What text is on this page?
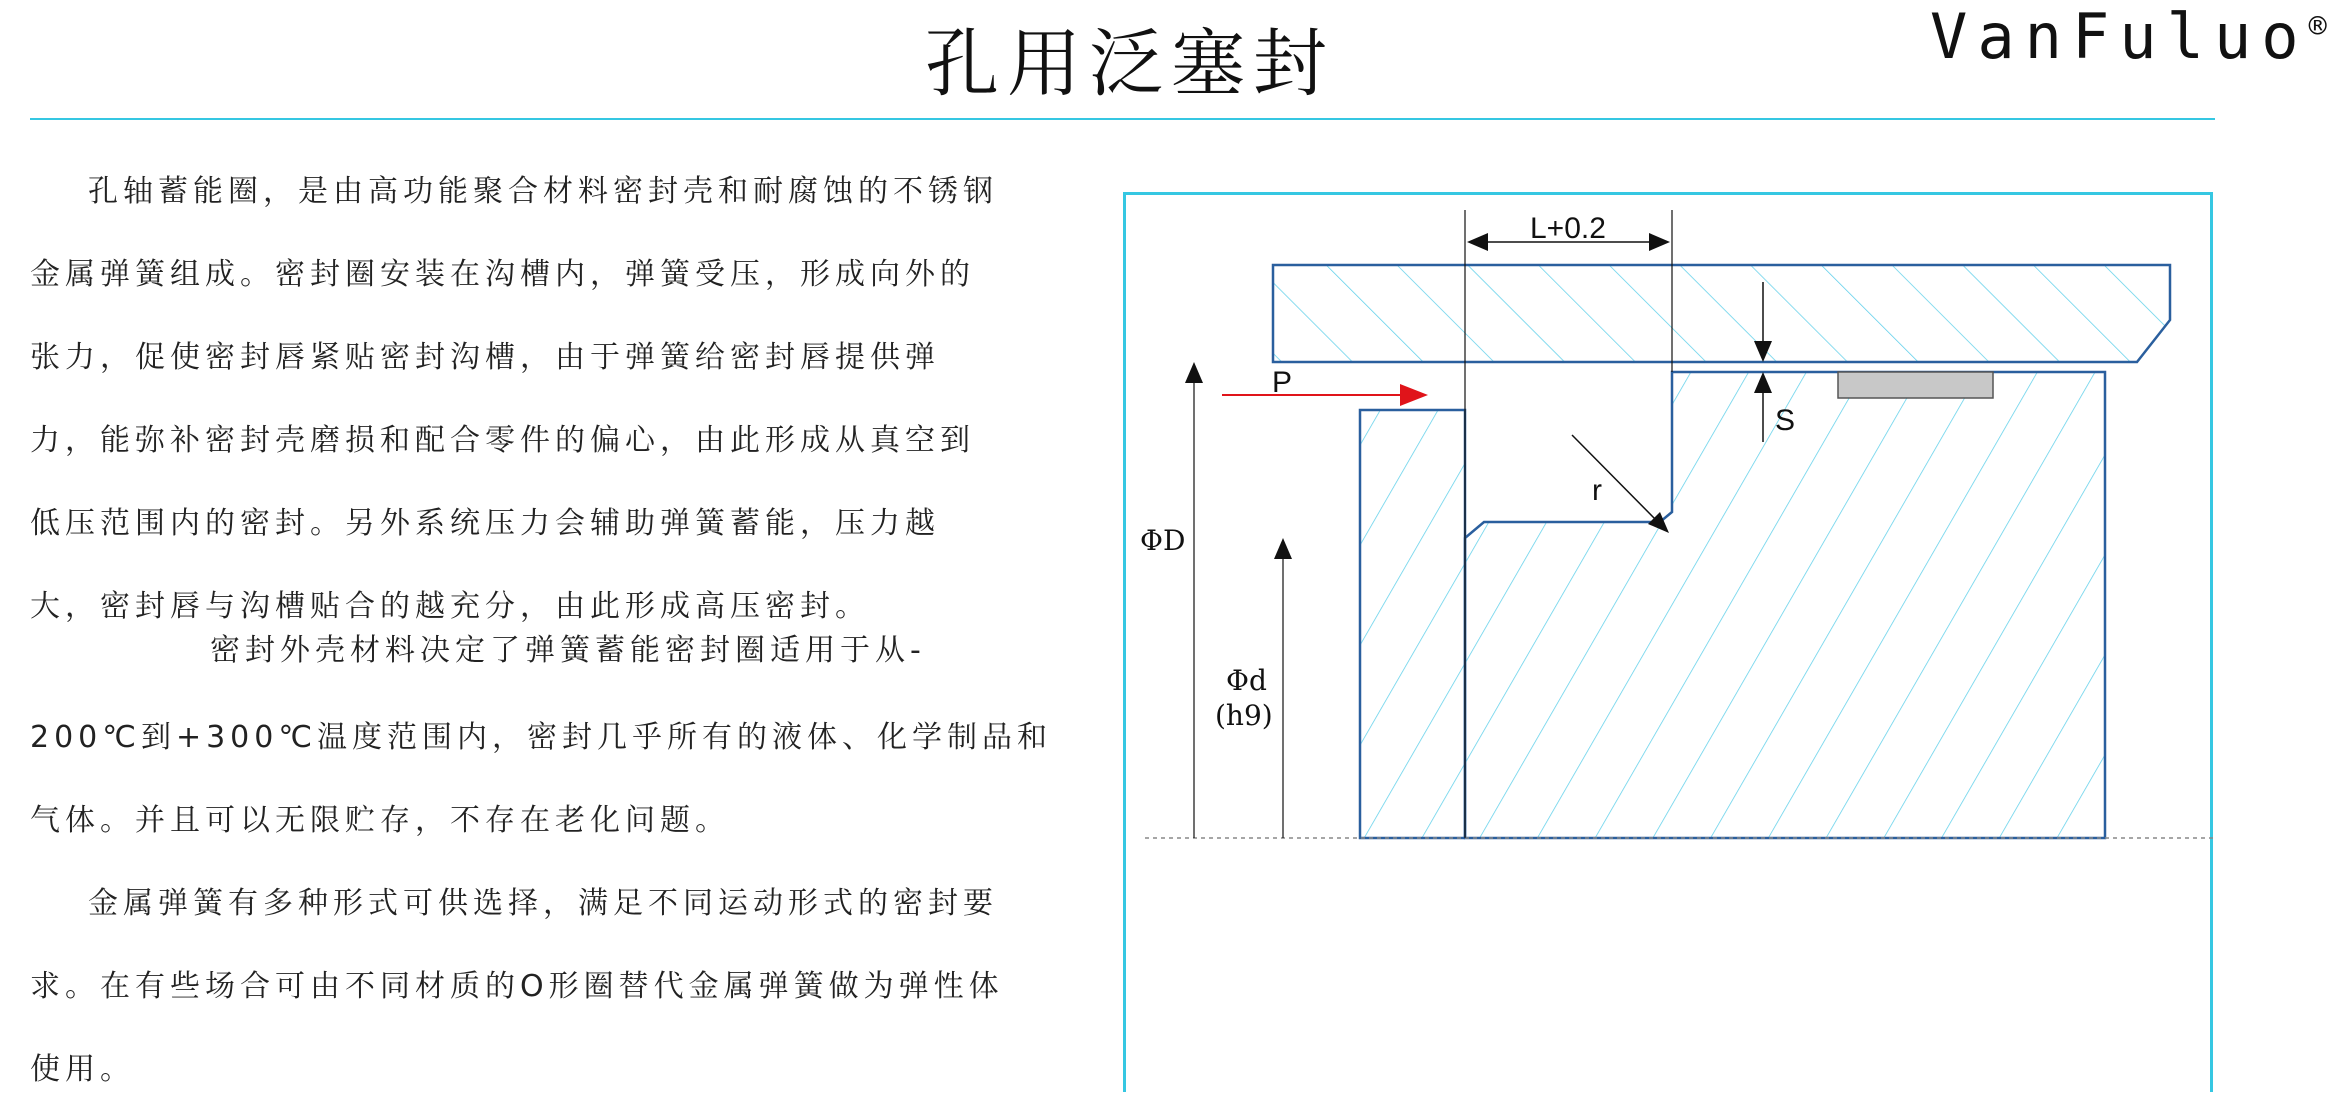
孔用泛塞封	VanFuluo®
孔轴蓄能圈，是由高功能聚合材料密封壳和耐腐蚀的不锈钢
金属弹簧组成。密封圈安装在沟槽内，弹簧受压，形成向外的
张力，促使密封唇紧贴密封沟槽，由于弹簧给密封唇提供弹
力，能弥补密封壳磨损和配合零件的偏心，由此形成从真空到
低压范围内的密封。另外系统压力会辅助弹簧蓄能，压力越
大，密封唇与沟槽贴合的越充分，由此形成高压密封。
密封外壳材料决定了弹簧蓄能密封圈适用于从-
200℃到+300℃温度范围内，密封几乎所有的液体、化学制品和
气体。并且可以无限贮存，不存在老化问题。
金属弹簧有多种形式可供选择，满足不同运动形式的密封要
求。在有些场合可由不同材质的O形圈替代金属弹簧做为弹性体
使用。
L+0.2
S
P
r
ΦD
Φd
(h9)
